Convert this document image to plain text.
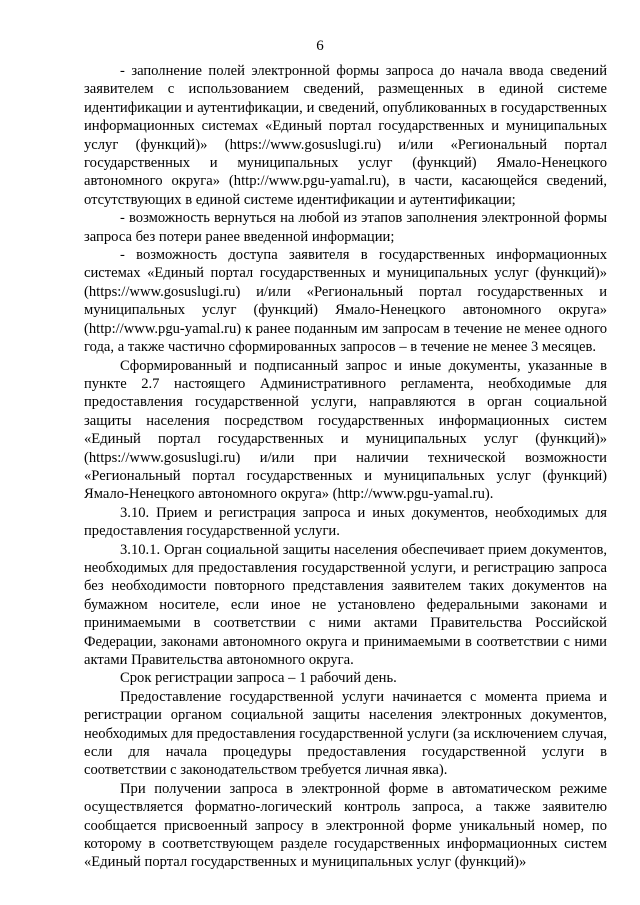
6

- заполнение полей электронной формы запроса до начала ввода сведений заявителем с использованием сведений, размещенных в единой системе идентификации и аутентификации, и сведений, опубликованных в государственных информационных системах «Единый портал государственных и муниципальных услуг (функций)» (https://www.gosuslugi.ru) и/или «Региональный портал государственных и муниципальных услуг (функций) Ямало-Ненецкого автономного округа» (http://www.pgu-yamal.ru), в части, касающейся сведений, отсутствующих в единой системе идентификации и аутентификации;

- возможность вернуться на любой из этапов заполнения электронной формы запроса без потери ранее введенной информации;

- возможность доступа заявителя в государственных информационных системах «Единый портал государственных и муниципальных услуг (функций)» (https://www.gosuslugi.ru) и/или «Региональный портал государственных и муниципальных услуг (функций) Ямало-Ненецкого автономного округа» (http://www.pgu-yamal.ru) к ранее поданным им запросам в течение не менее одного года, а также частично сформированных запросов – в течение не менее 3 месяцев.

Сформированный и подписанный запрос и иные документы, указанные в пункте 2.7 настоящего Административного регламента, необходимые для предоставления государственной услуги, направляются в орган социальной защиты населения посредством государственных информационных систем «Единый портал государственных и муниципальных услуг (функций)» (https://www.gosuslugi.ru) и/или при наличии технической возможности «Региональный портал государственных и муниципальных услуг (функций) Ямало-Ненецкого автономного округа» (http://www.pgu-yamal.ru).

3.10. Прием и регистрация запроса и иных документов, необходимых для предоставления государственной услуги.

3.10.1. Орган социальной защиты населения обеспечивает прием документов, необходимых для предоставления государственной услуги, и регистрацию запроса без необходимости повторного представления заявителем таких документов на бумажном носителе, если иное не установлено федеральными законами и принимаемыми в соответствии с ними актами Правительства Российской Федерации, законами автономного округа и принимаемыми в соответствии с ними актами Правительства автономного округа.

Срок регистрации запроса – 1 рабочий день.

Предоставление государственной услуги начинается с момента приема и регистрации органом социальной защиты населения электронных документов, необходимых для предоставления государственной услуги (за исключением случая, если для начала процедуры предоставления государственной услуги в соответствии с законодательством требуется личная явка).

При получении запроса в электронной форме в автоматическом режиме осуществляется форматно-логический контроль запроса, а также заявителю сообщается присвоенный запросу в электронной форме уникальный номер, по которому в соответствующем разделе государственных информационных систем «Единый портал государственных и муниципальных услуг (функций)»
